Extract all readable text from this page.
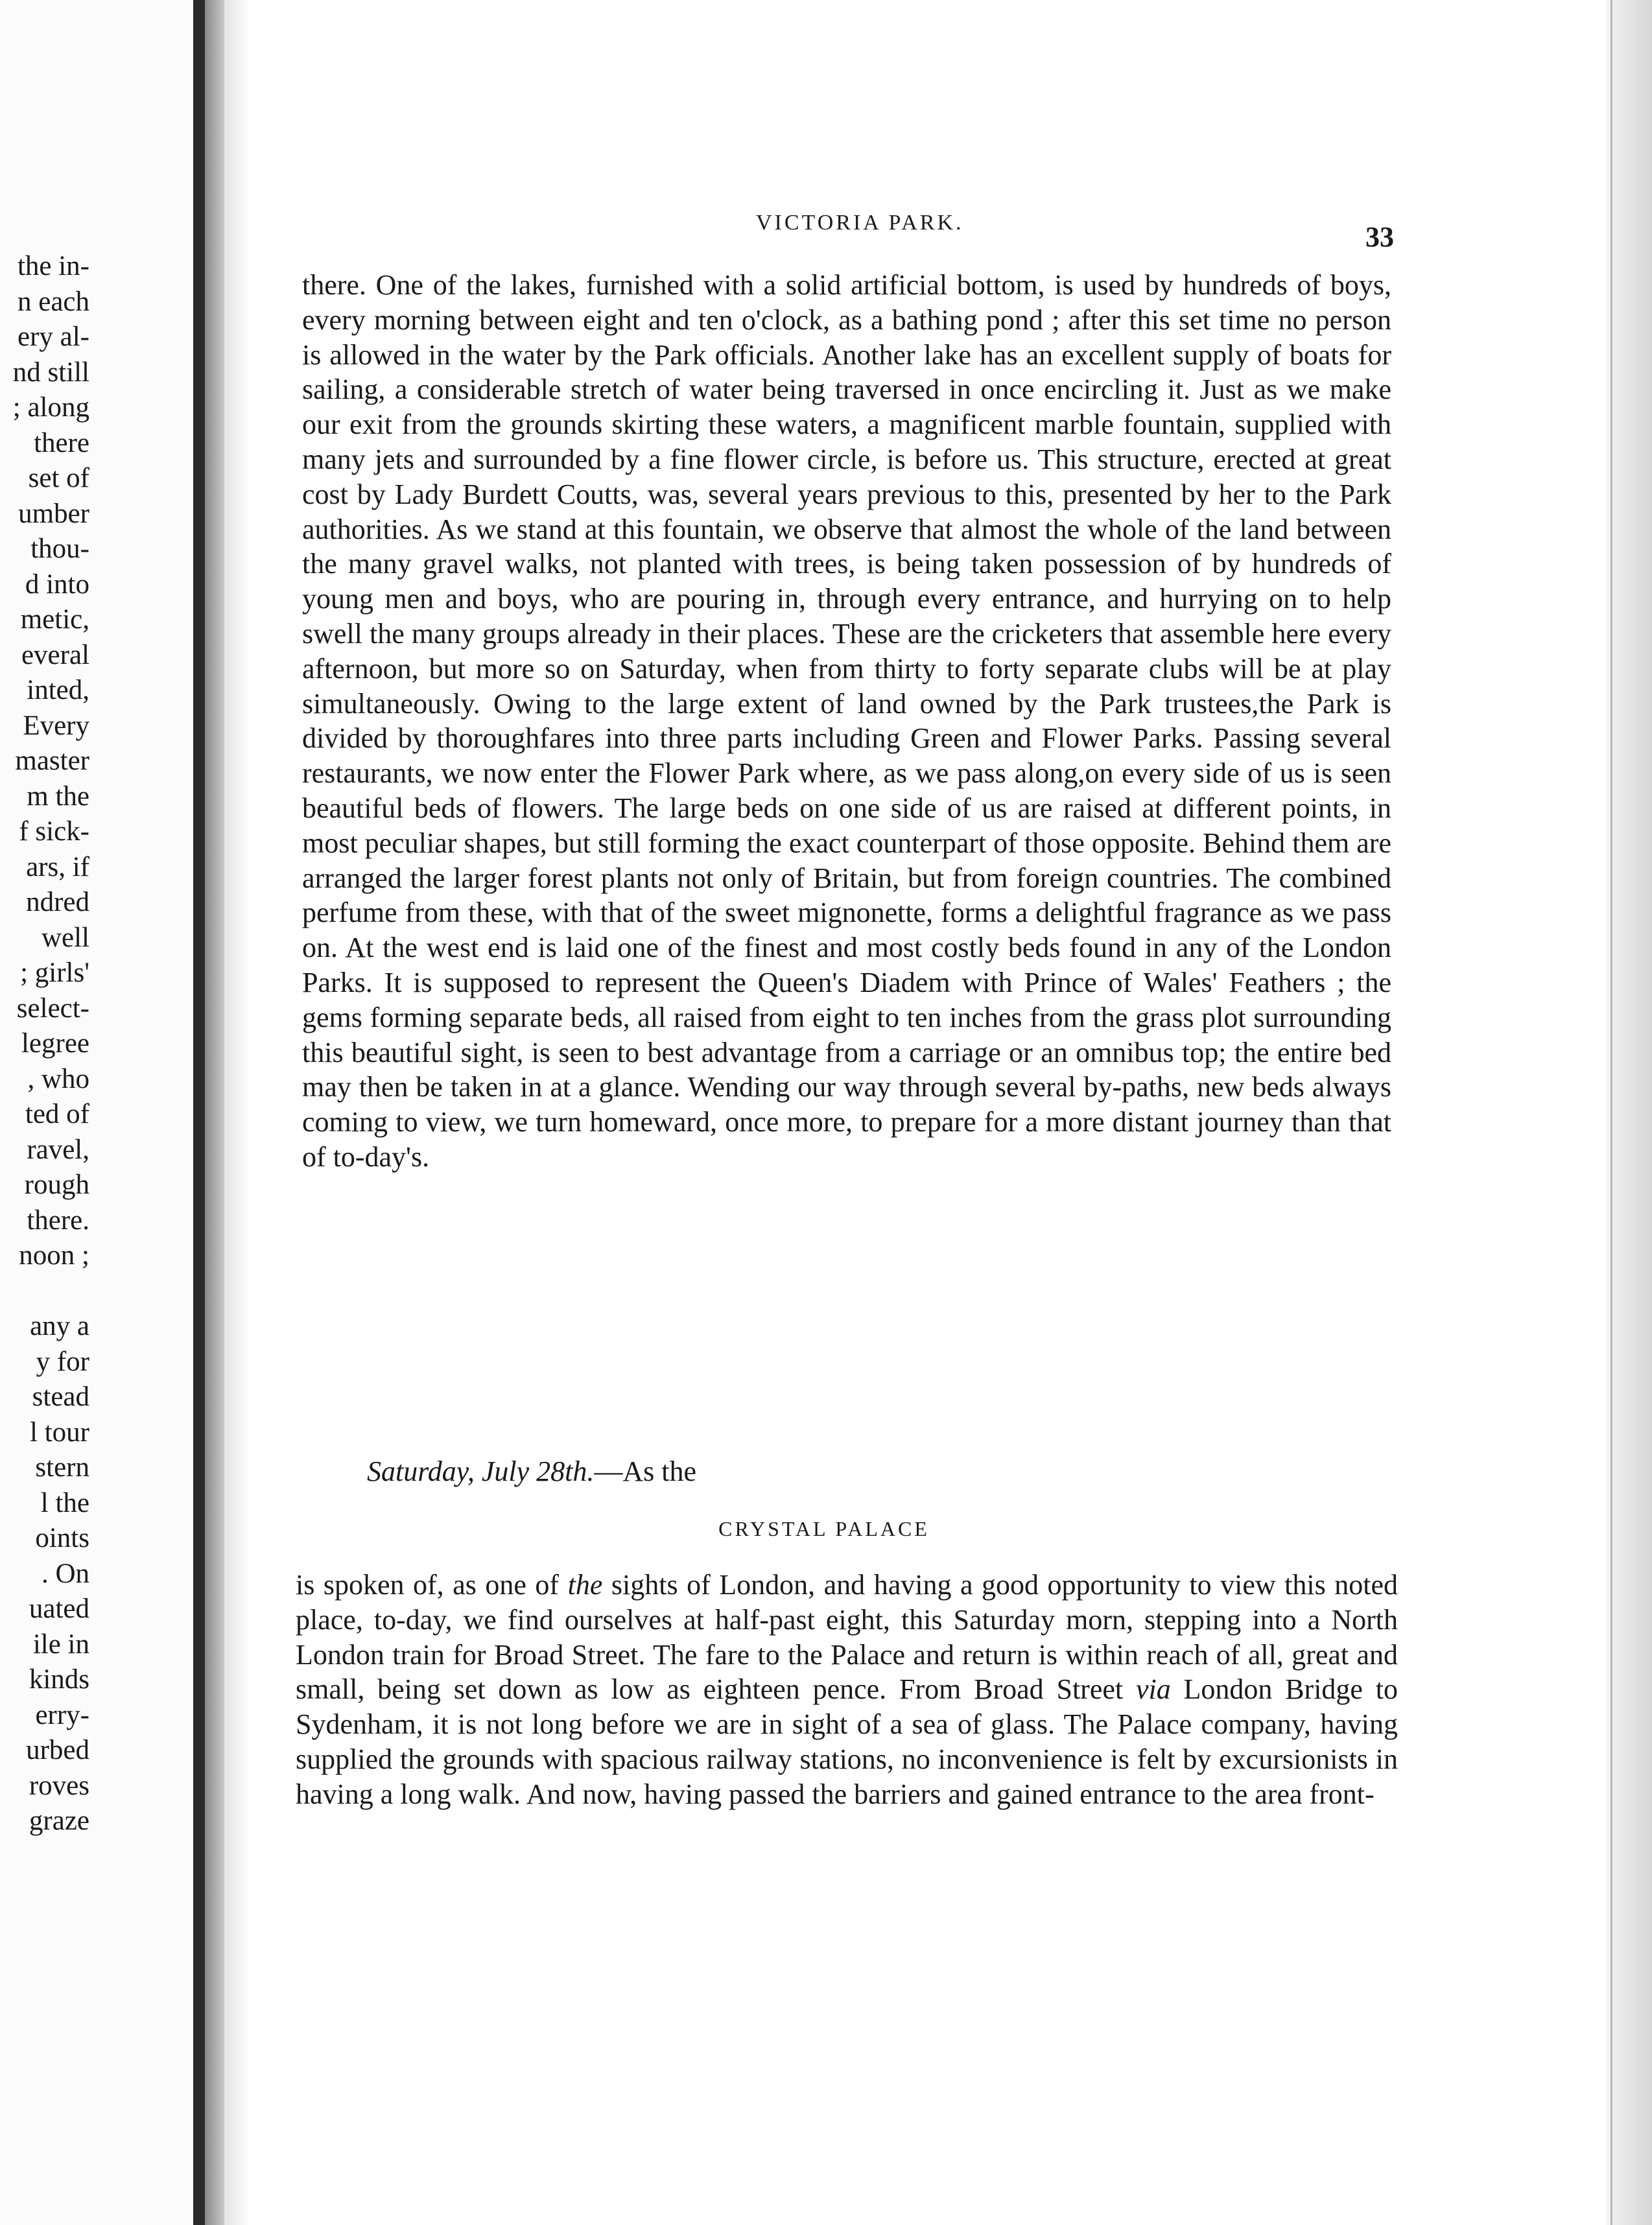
the in-
n each
ery al-
nd still
; along
there
set of
umber
thou-
d into
metic,
everal
inted,
Every
master
m the
f sick-
ars, if
ndred
well
; girls'
select-
legree
, who
ted of
ravel,
rough
there.
noon ;
any a
y for
stead
l tour
stern
l the
oints
. On
uated
ile in
kinds
erry-
urbed
roves
graze
VICTORIA PARK.	33

there. One of the lakes, furnished with a solid artificial bottom, is used by hundreds of boys, every morning between eight and ten o'clock, as a bathing pond ; after this set time no person is allowed in the water by the Park officials. Another lake has an excellent supply of boats for sailing, a considerable stretch of water being traversed in once encircling it. Just as we make our exit from the grounds skirting these waters, a magnificent marble fountain, supplied with many jets and surrounded by a fine flower circle, is before us. This structure, erected at great cost by Lady Burdett Coutts, was, several years previous to this, presented by her to the Park authorities. As we stand at this fountain, we observe that almost the whole of the land between the many gravel walks, not planted with trees, is being taken possession of by hundreds of young men and boys, who are pouring in, through every entrance, and hurrying on to help swell the many groups already in their places. These are the cricketers that assemble here every afternoon, but more so on Saturday, when from thirty to forty separate clubs will be at play simultaneously. Owing to the large extent of land owned by the Park trustees,the Park is divided by thoroughfares into three parts including Green and Flower Parks. Passing several restaurants, we now enter the Flower Park where, as we pass along,on every side of us is seen beautiful beds of flowers. The large beds on one side of us are raised at different points, in most peculiar shapes, but still forming the exact counterpart of those opposite. Behind them are arranged the larger forest plants not only of Britain, but from foreign countries. The combined perfume from these, with that of the sweet mignonette, forms a delightful fragrance as we pass on. At the west end is laid one of the finest and most costly beds found in any of the London Parks. It is supposed to represent the Queen's Diadem with Prince of Wales' Feathers ; the gems forming separate beds, all raised from eight to ten inches from the grass plot surrounding this beautiful sight, is seen to best advantage from a carriage or an omnibus top; the entire bed may then be taken in at a glance. Wending our way through several by-paths, new beds always coming to view, we turn homeward, once more, to prepare for a more distant journey than that of to-day's.

Saturday, July 28th.—As the
CRYSTAL PALACE

is spoken of, as one of the sights of London, and having a good opportunity to view this noted place, to-day, we find ourselves at half-past eight, this Saturday morn, stepping into a North London train for Broad Street. The fare to the Palace and return is within reach of all, great and small, being set down as low as eighteen pence. From Broad Street via London Bridge to Sydenham, it is not long before we are in sight of a sea of glass. The Palace company, having supplied the grounds with spacious railway stations, no inconvenience is felt by excursionists in having a long walk. And now, having passed the barriers and gained entrance to the area front-
